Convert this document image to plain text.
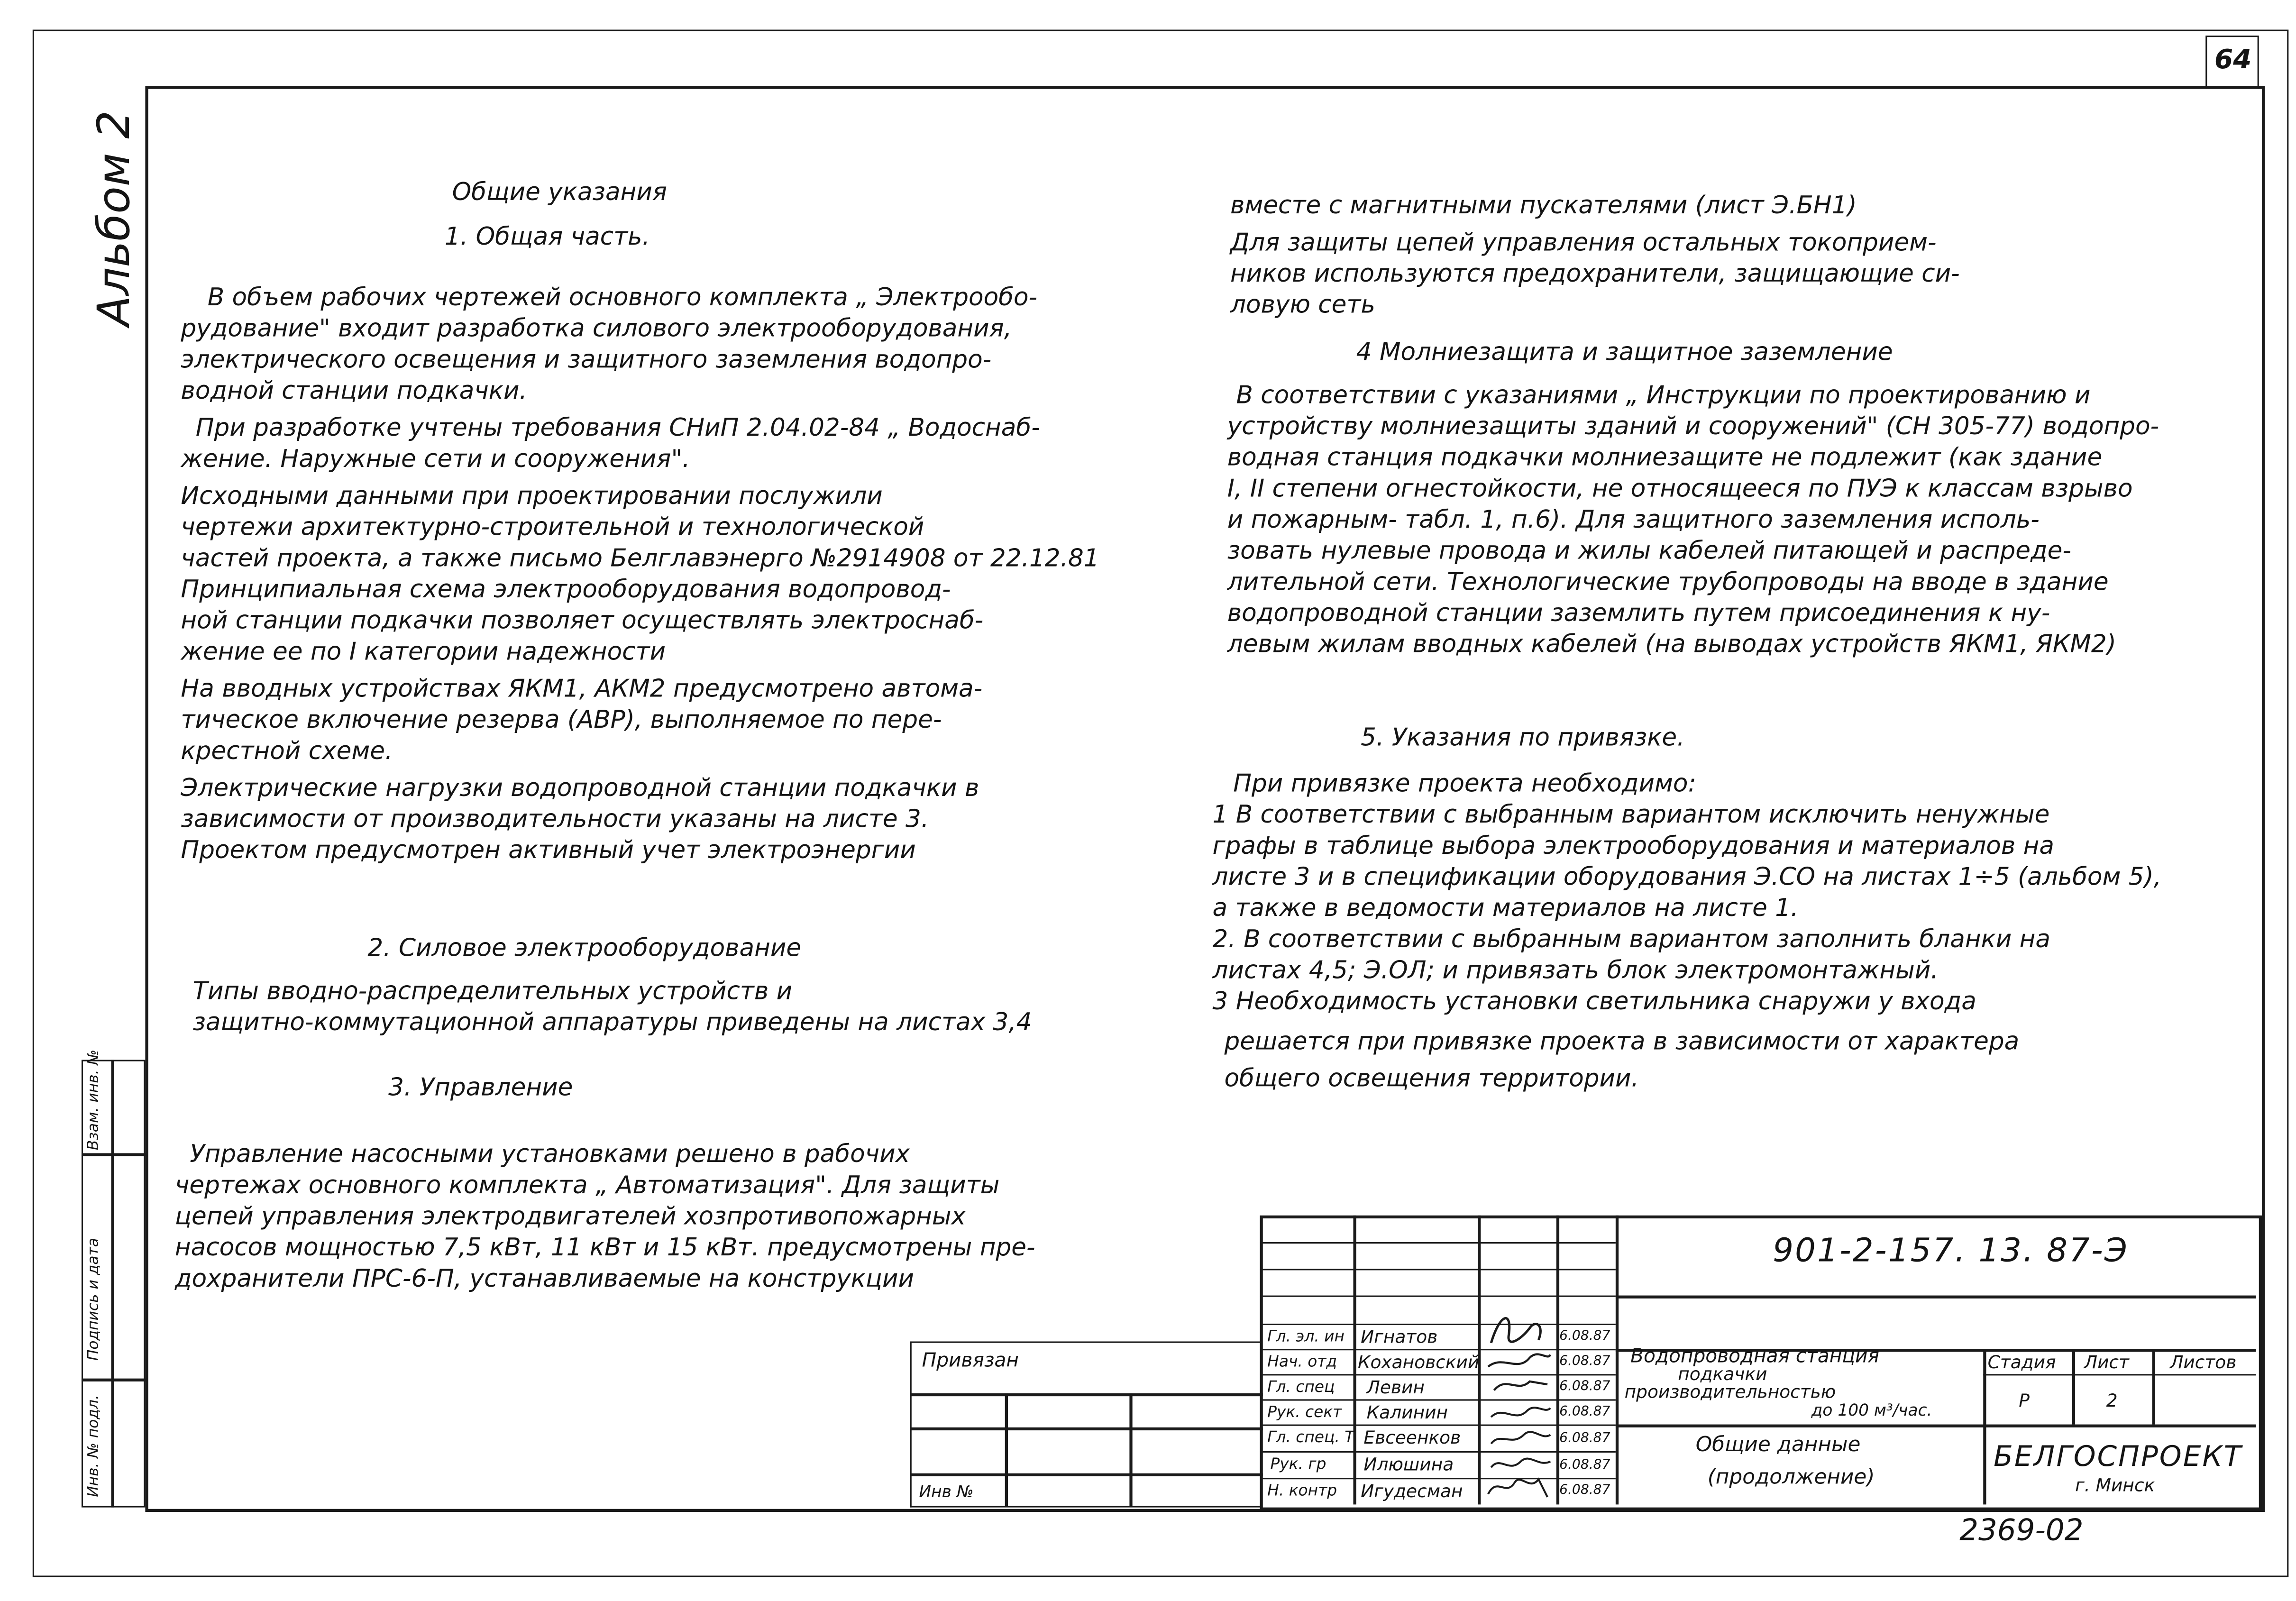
64
Альбом 2	Общие указания
1. Общая часть.
В объем рабочих чертежей основного комплекта „ Электрообо-
рудование" входит разработка силового электрооборудования,
электрического освещения и защитного заземления водопро-
водной станции подкачки.
При разработке учтены требования СНиП 2.04.02-84 „ Водоснаб-
жение. Наружные сети и сооружения".
Исходными данными при проектировании послужили
чертежи архитектурно-строительной и технологической
частей проекта, а также письмо Белглавэнерго №2914908 от 22.12.81
Принципиальная схема электрооборудования водопровод-
ной станции подкачки позволяет осуществлять электроснаб-
жение ее по I категории надежности
На вводных устройствах ЯКМ1, АКМ2 предусмотрено автома-
тическое включение резерва (АВР), выполняемое по пере-
крестной схеме.
Электрические нагрузки водопроводной станции подкачки в
зависимости от производительности указаны на листе 3.
Проектом предусмотрен активный учет электроэнергии
2. Силовое электрооборудование
Типы вводно-распределительных устройств и
защитно-коммутационной аппаратуры приведены на листах 3,4
3. Управление
Управление насосными установками решено в рабочих
чертежах основного комплекта „ Автоматизация". Для защиты
цепей управления электродвигателей хозпротивопожарных
насосов мощностью 7,5 кВт, 11 кВт и 15 кВт. предусмотрены пре-
дохранители ПРС-6-П, устанавливаемые на конструкции
вместе с магнитными пускателями (лист Э.БН1)
Для защиты цепей управления остальных токоприем-
ников используются предохранители, защищающие си-
ловую сеть
4 Молниезащита и защитное заземление
В соответствии с указаниями „ Инструкции по проектированию и
устройству молниезащиты зданий и сооружений" (СН 305-77) водопро-
водная станция подкачки молниезащите не подлежит (как здание
I, II степени огнестойкости, не относящееся по ПУЭ к классам взрыво
и пожарным- табл. 1, п.6). Для защитного заземления исполь-
зовать нулевые провода и жилы кабелей питающей и распреде-
лительной сети. Технологические трубопроводы на вводе в здание
водопроводной станции заземлить путем присоединения к ну-
левым жилам вводных кабелей (на выводах устройств ЯКМ1, ЯКМ2)
5. Указания по привязке.
При привязке проекта необходимо:
1 В соответствии с выбранным вариантом исключить ненужные
графы в таблице выбора электрооборудования и материалов на
листе 3 и в спецификации оборудования Э.СО на листах 1÷5 (альбом 5),
а также в ведомости материалов на листе 1.
2. В соответствии с выбранным вариантом заполнить бланки на
листах 4,5; Э.ОЛ; и привязать блок электромонтажный.
3 Необходимость установки светильника снаружи у входа
решается при привязке проекта в зависимости от характера
общего освещения территории.
Взам. инв. №
Подпись и дата
Инв. № подл.
Привязан
Инв №
901-2-157. 13. 87-Э
Гл. эл. ин	Игнатов	6.08.87
Нач. отд	Кохановский	6.08.87
Гл. спец	Левин	6.08.87
Рук. сект	Калинин	6.08.87
Гл. спец. Т Евсеенков	6.08.87
Рук. гр	Илюшина	6.08.87
Н. контр	Игудесман	6.08.87
Водопроводная станция
подкачки
производительностью
до 100 м³/час.
Стадия	Лист	Листов
Р	2
Общие данные
(продолжение)
БЕЛГОСПРОЕКТ
г. Минск
2369-02
